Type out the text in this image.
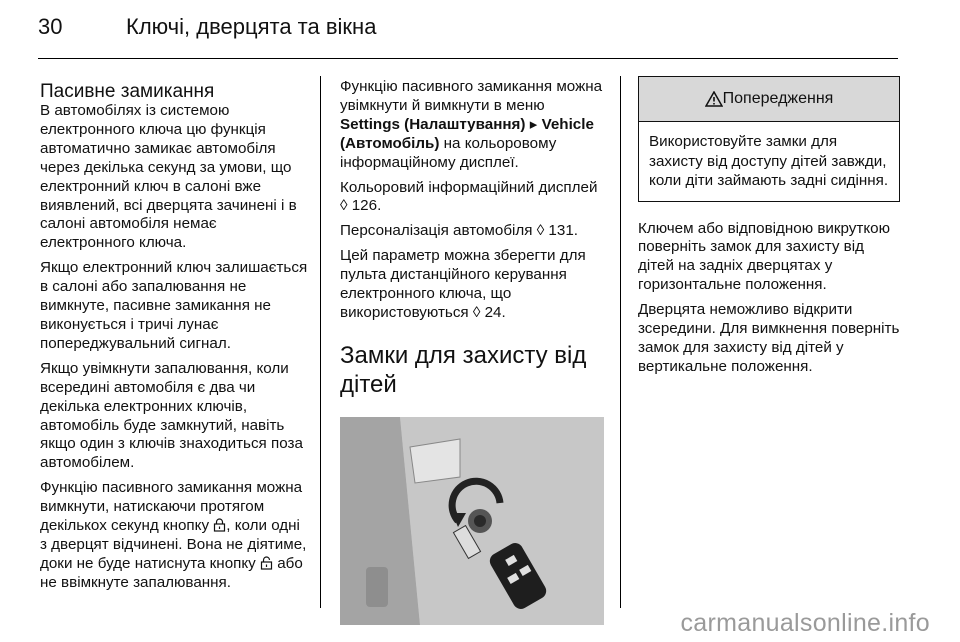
30	Ключі, дверцята та вікна
Пасивне замикання

В автомобілях із системою електронного ключа цю функція автоматично замикає автомобіля через декілька секунд за умови, що електронний ключ в салоні вже виявлений, всі дверцята зачинені і в салоні автомобіля немає електронного ключа.

Якщо електронний ключ залишається в салоні або запалювання не вимкнуте, пасивне замикання не виконується і тричі лунає попереджувальний сигнал.

Якщо увімкнути запалювання, коли всередині автомобіля є два чи декілька електронних ключів, автомобіль буде замкнутий, навіть якщо один з ключів знаходиться поза автомобілем.

Функцію пасивного замикання можна вимкнути, натискаючи протягом декількох секунд кнопку , коли одні з дверцят відчинені. Вона не діятиме, доки не буде натиснута кнопку  або не ввімкнуте запалювання.

Функцію пасивного замикання можна увімкнути й вимкнути в меню Settings (Налаштування) ▸ Vehicle (Автомобіль) на кольоровому інформаційному дисплеї.

Кольоровий інформаційний дисплей ◊ 126.

Персоналізація автомобіля ◊ 131.

Цей параметр можна зберегти для пульта дистанційного керування електронного ключа, що використовуються ◊ 24.

Замки для захисту від дітей
Попередження
Використовуйте замки для захисту від доступу дітей завжди, коли діти займають задні сидіння.

Ключем або відповідною викруткою поверніть замок для захисту від дітей на задніх дверцятах у горизонтальне положення.

Дверцята неможливо відкрити зсередини. Для вимкнення поверніть замок для захисту від дітей у вертикальне положення.

carmanualsonline.info
